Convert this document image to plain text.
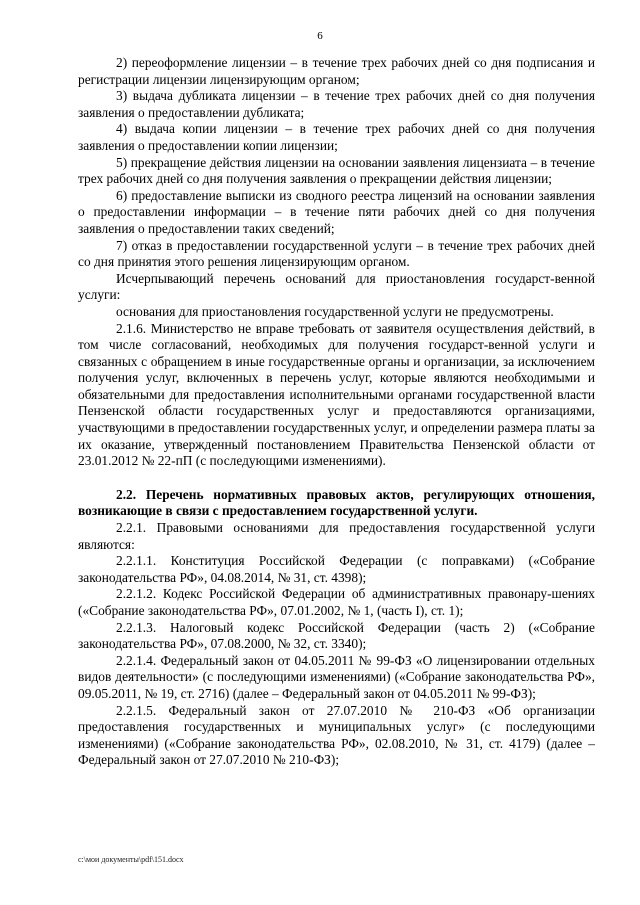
6

2) переоформление лицензии – в течение трех рабочих дней со дня подписания и регистрации лицензии лицензирующим органом;

3) выдача дубликата лицензии – в течение трех рабочих дней со дня получения заявления о предоставлении дубликата;

4) выдача копии лицензии – в течение трех рабочих дней со дня получения заявления о предоставлении копии лицензии;

5) прекращение действия лицензии на основании заявления лицензиата – в течение трех рабочих дней со дня получения заявления о прекращении действия лицензии;

6) предоставление выписки из сводного реестра лицензий на основании заявления о предоставлении информации – в течение пяти рабочих дней со дня получения заявления о предоставлении таких сведений;

7) отказ в предоставлении государственной услуги – в течение трех рабочих дней со дня принятия этого решения лицензирующим органом.

Исчерпывающий перечень оснований для приостановления государст-венной услуги:

основания для приостановления государственной услуги не предусмотрены.

2.1.6. Министерство не вправе требовать от заявителя осуществления действий, в том числе согласований, необходимых для получения государст-венной услуги и связанных с обращением в иные государственные органы и организации, за исключением получения услуг, включенных в перечень услуг, которые являются необходимыми и обязательными для предоставления исполнительными органами государственной власти Пензенской области государственных услуг и предоставляются организациями, участвующими в предоставлении государственных услуг, и определении размера платы за их оказание, утвержденный постановлением Правительства Пензенской области от 23.01.2012 № 22-пП (с последующими изменениями).

2.2. Перечень нормативных правовых актов, регулирующих отношения, возникающие в связи с предоставлением государственной услуги.

2.2.1. Правовыми основаниями для предоставления государственной услуги являются:

2.2.1.1. Конституция Российской Федерации (с поправками) («Собрание законодательства РФ», 04.08.2014, № 31, ст. 4398);

2.2.1.2. Кодекс Российской Федерации об административных правонару-шениях («Собрание законодательства РФ», 07.01.2002, № 1, (часть I), ст. 1);

2.2.1.3. Налоговый кодекс Российской Федерации (часть 2) («Собрание законодательства РФ», 07.08.2000, № 32, ст. 3340);

2.2.1.4. Федеральный закон от 04.05.2011 № 99-ФЗ «О лицензировании отдельных видов деятельности» (с последующими изменениями) («Собрание законодательства РФ», 09.05.2011, № 19, ст. 2716) (далее – Федеральный закон от 04.05.2011 № 99-ФЗ);

2.2.1.5. Федеральный закон от 27.07.2010 № 210-ФЗ «Об организации предоставления государственных и муниципальных услуг» (с последующими изменениями) («Собрание законодательства РФ», 02.08.2010, № 31, ст. 4179) (далее – Федеральный закон от 27.07.2010 № 210-ФЗ);

c:\мои документы\pdf\151.docx
